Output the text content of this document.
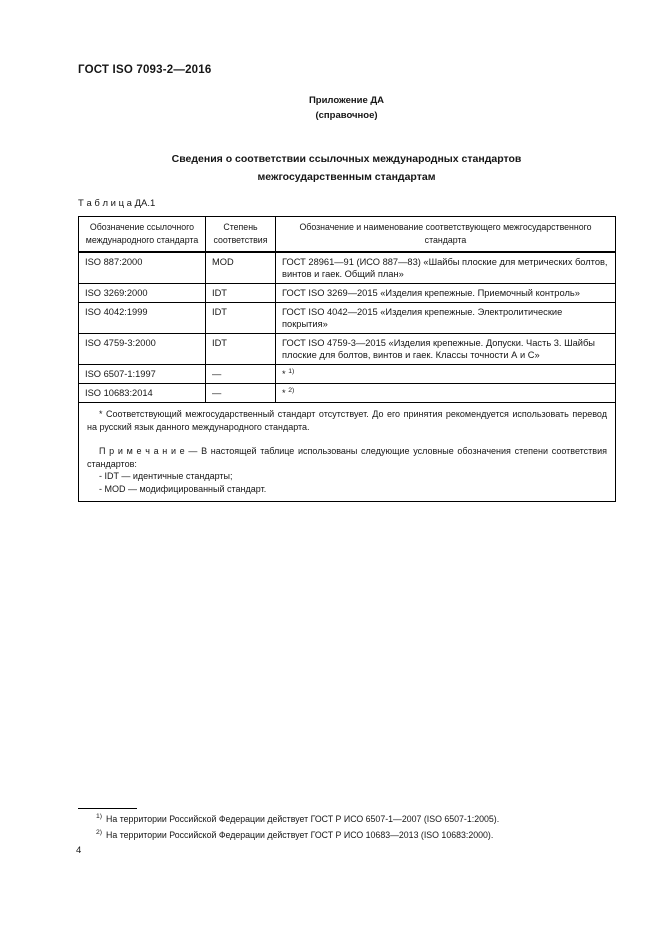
ГОСТ ISO 7093-2—2016
Приложение ДА
(справочное)
Сведения о соответствии ссылочных международных стандартов
межгосударственным стандартам
Т а б л и ц а ДА.1
Обозначение ссылочного международного стандарта	Степень соответствия	Обозначение и наименование соответствующего межгосударственного стандарта
ISO 887:2000	MOD	ГОСТ 28961—91 (ИСО 887—83) «Шайбы плоские для метрических болтов, винтов и гаек. Общий план»
ISO 3269:2000	IDT	ГОСТ ISO 3269—2015 «Изделия крепежные. Приемочный контроль»
ISO 4042:1999	IDT	ГОСТ ISO 4042—2015 «Изделия крепежные. Электролитические покрытия»
ISO 4759-3:2000	IDT	ГОСТ ISO 4759-3—2015 «Изделия крепежные. Допуски. Часть 3. Шайбы плоские для болтов, винтов и гаек. Классы точности А и С»
ISO 6507-1:1997	—	* $^{1)}$
ISO 10683:2014	—	* $^{2)}$

* Соответствующий межгосударственный стандарт отсутствует. До его принятия рекомендуется использовать перевод на русский язык данного международного стандарта.

П р и м е ч а н и е — В настоящей таблице использованы следующие условные обозначения степени соответствия стандартов:

- IDT — идентичные стандарты;

- MOD — модифицированный стандарт.		

$^{1)}$ На территории Российской Федерации действует ГОСТ Р ИСО 6507-1—2007 (ISO 6507-1:2005).
$^{2)}$ На территории Российской Федерации действует ГОСТ Р ИСО 10683—2013 (ISO 10683:2000).
4
